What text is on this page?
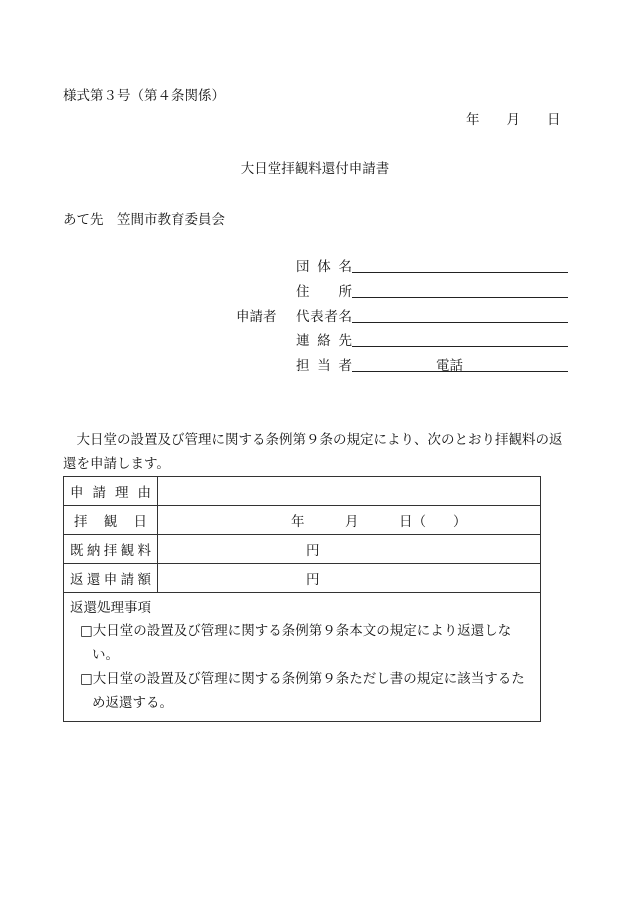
様式第３号（第４条関係）
年　　月　　日
大日堂拝観料還付申請書
あて先　笠間市教育委員会
団体名
住所
申請者 代表者名
連絡先
担当者	電話
大日堂の設置及び管理に関する条例第９条の規定により、次のとおり拝観料の返還を申請します。
申請理由	
拝観日	年　　　月　　　日（　　）
既納拝観料	円
返還申請額	円

返還処理事項
□大日堂の設置及び管理に関する条例第９条本文の規定により返還しない。
□大日堂の設置及び管理に関する条例第９条ただし書の規定に該当するため返還する。	
